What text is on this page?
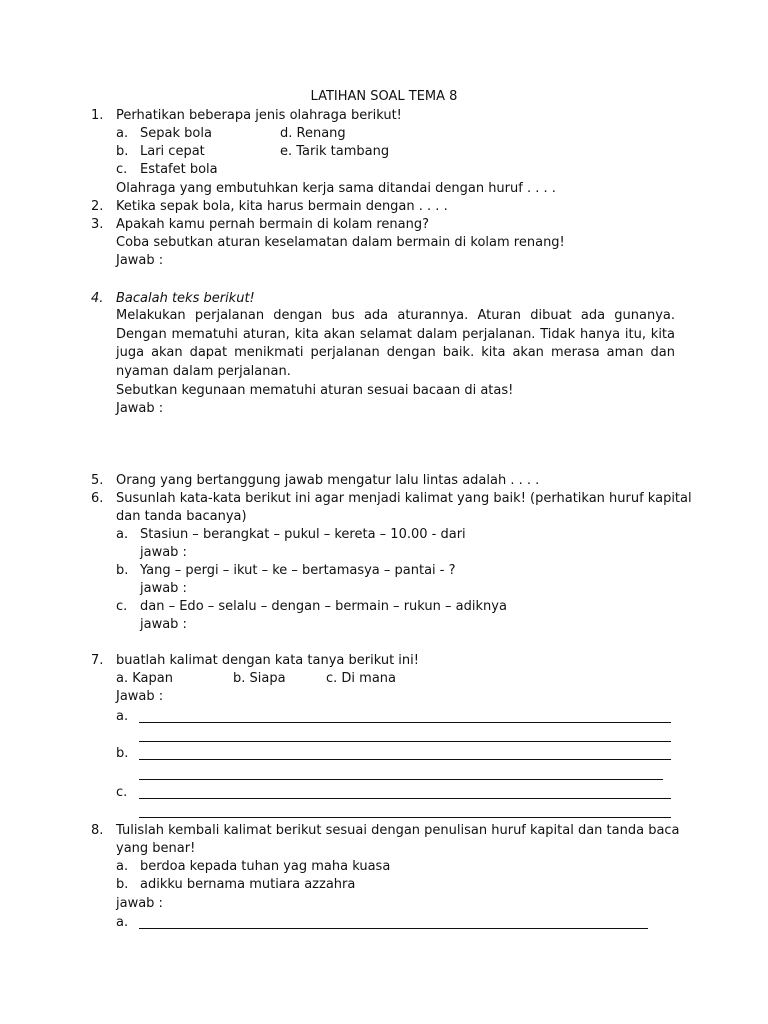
LATIHAN SOAL TEMA 8
1. Perhatikan beberapa jenis olahraga berikut!
a. Sepak bola	d. Renang
b. Lari cepat	e. Tarik tambang
c. Estafet bola
Olahraga yang embutuhkan kerja sama ditandai dengan huruf . . . .
2. Ketika sepak bola, kita harus bermain dengan . . . .
3. Apakah kamu pernah bermain di kolam renang?
Coba sebutkan aturan keselamatan dalam bermain di kolam renang!
Jawab :
4. Bacalah teks berikut!
Melakukan perjalanan dengan bus ada aturannya. Aturan dibuat ada gunanya. Dengan mematuhi aturan, kita akan selamat dalam perjalanan. Tidak hanya itu, kita juga akan dapat menikmati perjalanan dengan baik. kita akan merasa aman dan nyaman dalam perjalanan.
Sebutkan kegunaan mematuhi aturan sesuai bacaan di atas!
Jawab :
5. Orang yang bertanggung jawab mengatur lalu lintas adalah . . . .
6. Susunlah kata-kata berikut ini agar menjadi kalimat yang baik! (perhatikan huruf kapital
dan tanda bacanya)
a. Stasiun – berangkat – pukul – kereta – 10.00 - dari
jawab :
b. Yang – pergi – ikut – ke – bertamasya – pantai - ?
jawab :
c. dan – Edo – selalu – dengan – bermain – rukun – adiknya
jawab :
7. buatlah kalimat dengan kata tanya berikut ini!
a. Kapan	b. Siapa	c. Di mana
Jawab :
a.
b.
c.
8. Tulislah kembali kalimat berikut sesuai dengan penulisan huruf kapital dan tanda baca
yang benar!
a. berdoa kepada tuhan yag maha kuasa
b. adikku bernama mutiara azzahra
jawab :
a.
